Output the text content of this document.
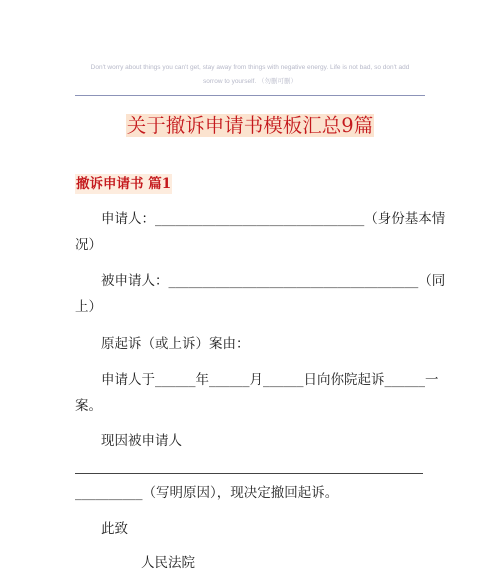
Don't worry about things you can't get, stay away from things with negative energy. Life is not bad, so don't add
sorrow to yourself. （勿删可删）
关于撤诉申请书模板汇总9篇
撤诉申请书 篇1
申请人：_______________________________（身份基本情
况）
被申请人：_____________________________________（同
上）
原起诉（或上诉）案由：
申请人于______年______月______日向你院起诉______一
案。
现因被申请人
__________（写明原因），现决定撤回起诉。
此致
人民法院
